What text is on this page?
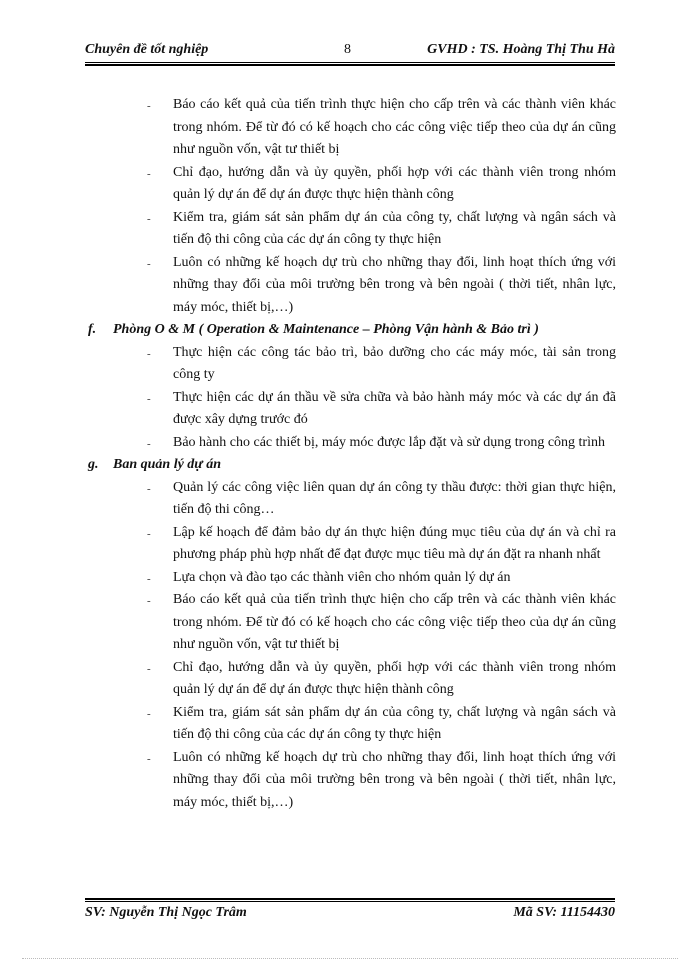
Chuyên đề tốt nghiệp	8	GVHD : TS. Hoàng Thị Thu Hà
- Báo cáo kết quả của tiến trình thực hiện cho cấp trên và các thành viên khác trong nhóm. Để từ đó có kế hoạch cho các công việc tiếp theo của dự án cũng như nguồn vốn, vật tư thiết bị

- Chỉ đạo, hướng dẫn và ủy quyền, phối hợp với các thành viên trong nhóm quản lý dự án để dự án được thực hiện thành công

- Kiểm tra, giám sát sản phẩm dự án của công ty, chất lượng và ngân sách và tiến độ thi công của các dự án công ty thực hiện

- Luôn có những kế hoạch dự trù cho những thay đổi, linh hoạt thích ứng với những thay đổi của môi trường bên trong và bên ngoài ( thời tiết, nhân lực, máy móc, thiết bị,…)

f. Phòng O & M ( Operation & Maintenance – Phòng Vận hành & Bảo trì )
- Thực hiện các công tác bảo trì, bảo dưỡng cho các máy móc, tài sản trong công ty

- Thực hiện các dự án thầu về sửa chữa và bảo hành máy móc và các dự án đã được xây dựng trước đó

- Bảo hành cho các thiết bị, máy móc được lắp đặt và sử dụng trong công trình

g. Ban quản lý dự án
- Quản lý các công việc liên quan dự án công ty thầu được: thời gian thực hiện, tiến độ thi công…

- Lập kế hoạch để đảm bảo dự án thực hiện đúng mục tiêu của dự án và chỉ ra phương pháp phù hợp nhất để đạt được mục tiêu mà dự án đặt ra nhanh nhất

- Lựa chọn và đào tạo các thành viên cho nhóm quản lý dự án

- Báo cáo kết quả của tiến trình thực hiện cho cấp trên và các thành viên khác trong nhóm. Để từ đó có kế hoạch cho các công việc tiếp theo của dự án cũng như nguồn vốn, vật tư thiết bị

- Chỉ đạo, hướng dẫn và ủy quyền, phối hợp với các thành viên trong nhóm quản lý dự án để dự án được thực hiện thành công

- Kiểm tra, giám sát sản phẩm dự án của công ty, chất lượng và ngân sách và tiến độ thi công của các dự án công ty thực hiện

- Luôn có những kế hoạch dự trù cho những thay đổi, linh hoạt thích ứng với những thay đổi của môi trường bên trong và bên ngoài ( thời tiết, nhân lực, máy móc, thiết bị,…)

SV: Nguyễn Thị Ngọc Trâm	Mã SV: 11154430
